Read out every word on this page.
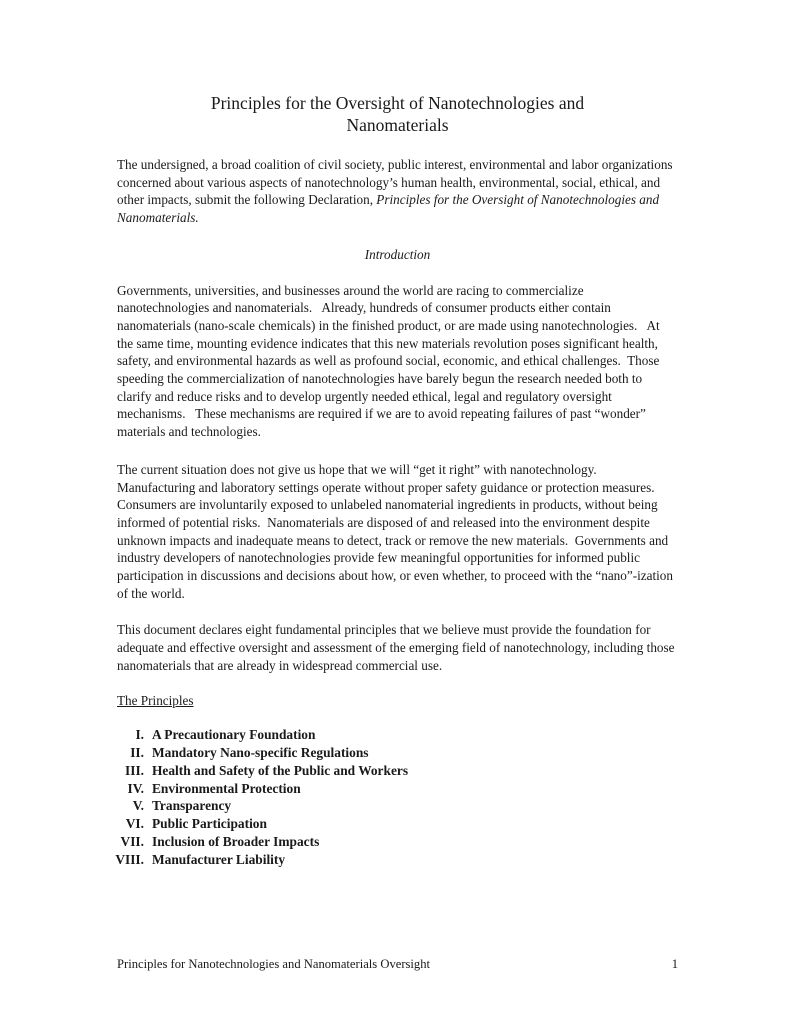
Principles for the Oversight of Nanotechnologies and
Nanomaterials

The undersigned, a broad coalition of civil society, public interest, environmental and labor organizations concerned about various aspects of nanotechnology’s human health, environmental, social, ethical, and other impacts, submit the following Declaration, Principles for the Oversight of Nanotechnologies and Nanomaterials.

Introduction

Governments, universities, and businesses around the world are racing to commercialize nanotechnologies and nanomaterials.   Already, hundreds of consumer products either contain nanomaterials (nano-scale chemicals) in the finished product, or are made using nanotechnologies.   At the same time, mounting evidence indicates that this new materials revolution poses significant health, safety, and environmental hazards as well as profound social, economic, and ethical challenges.  Those speeding the commercialization of nanotechnologies have barely begun the research needed both to clarify and reduce risks and to develop urgently needed ethical, legal and regulatory oversight mechanisms.   These mechanisms are required if we are to avoid repeating failures of past “wonder” materials and technologies.

The current situation does not give us hope that we will “get it right” with nanotechnology.  Manufacturing and laboratory settings operate without proper safety guidance or protection measures.  Consumers are involuntarily exposed to unlabeled nanomaterial ingredients in products, without being informed of potential risks.  Nanomaterials are disposed of and released into the environment despite unknown impacts and inadequate means to detect, track or remove the new materials.  Governments and industry developers of nanotechnologies provide few meaningful opportunities for informed public participation in discussions and decisions about how, or even whether, to proceed with the “nano”-ization of the world.

This document declares eight fundamental principles that we believe must provide the foundation for adequate and effective oversight and assessment of the emerging field of nanotechnology, including those nanomaterials that are already in widespread commercial use.

The Principles
I. A Precautionary Foundation
II. Mandatory Nano-specific Regulations
III. Health and Safety of the Public and Workers
IV. Environmental Protection
V. Transparency
VI. Public Participation
VII. Inclusion of Broader Impacts
VIII. Manufacturer Liability
Principles for Nanotechnologies and Nanomaterials Oversight	1
